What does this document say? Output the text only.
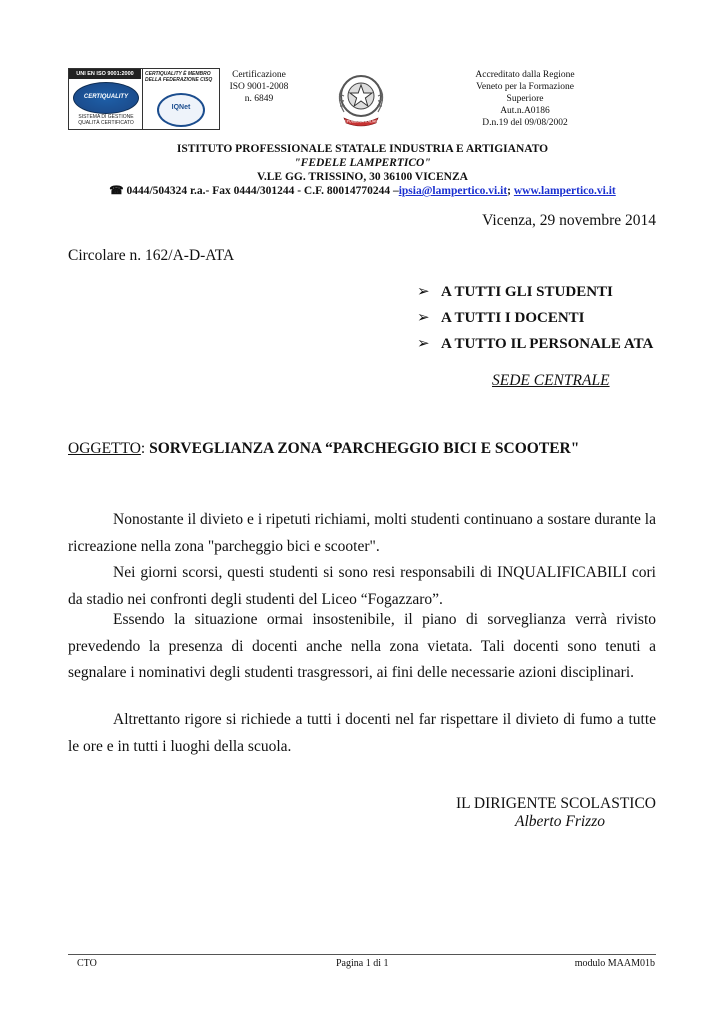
UNI EN ISO 9001:2000
CERTIQUALITY
SISTEMA DI GESTIONE QUALITÀ CERTIFICATO
CERTIQUALITY È MEMBRO DELLA FEDERAZIONE CISQ
IQNet
Certificazione
ISO 9001-2008
n. 6849
REPUBBLICA ITALIANA
Accreditato dalla Regione
Veneto per la Formazione
Superiore
Aut.n.A0186
D.n.19 del 09/08/2002
ISTITUTO PROFESSIONALE STATALE INDUSTRIA E ARTIGIANATO
"FEDELE LAMPERTICO"
V.LE GG. TRISSINO, 30 36100 VICENZA
☎ 0444/504324 r.a.- Fax 0444/301244 - C.F. 80014770244 –ipsia@lampertico.vi.it; www.lampertico.vi.it
Vicenza, 29 novembre 2014
Circolare n. 162/A-D-ATA
➢ A TUTTI GLI STUDENTI
➢ A TUTTI I DOCENTI
➢ A TUTTO IL PERSONALE ATA
SEDE CENTRALE
OGGETTO: SORVEGLIANZA ZONA “PARCHEGGIO BICI E SCOOTER"
Nonostante il divieto e i ripetuti richiami, molti studenti continuano a sostare durante la ricreazione nella zona "parcheggio bici e scooter".
Nei giorni scorsi, questi studenti si sono resi responsabili di INQUALIFICABILI cori da stadio nei confronti degli studenti del Liceo “Fogazzaro”.
Essendo la situazione ormai insostenibile, il piano di sorveglianza verrà rivisto prevedendo la presenza di docenti anche nella zona vietata. Tali docenti sono tenuti a segnalare i nominativi degli studenti trasgressori, ai fini delle necessarie azioni disciplinari.
Altrettanto rigore si richiede a tutti i docenti nel far rispettare il divieto di fumo a tutte le ore e in tutti i luoghi della scuola.
IL DIRIGENTE SCOLASTICO
Alberto Frizzo
CTO	Pagina 1 di 1	modulo MAAM01b
